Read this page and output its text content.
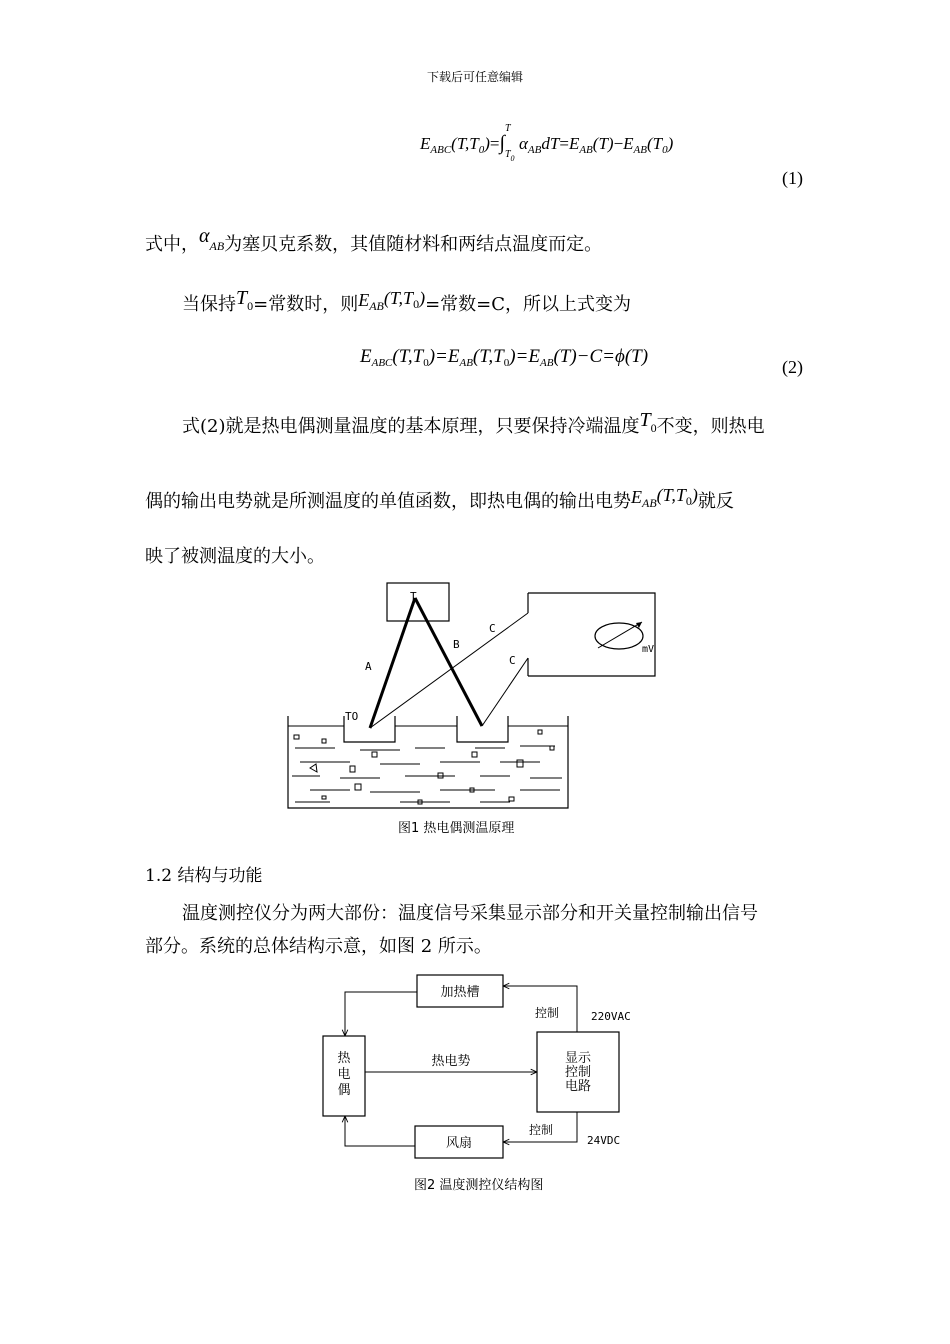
下载后可任意编辑
$E_{ABC}(T,T_0)=\int$
T
$T_0$
$\alpha_{AB}dT=E_{AB}(T)-E_{AB}(T_0)$
(1)
式中，αAB为塞贝克系数，其值随材料和两结点温度而定。
当保持T0=常数时，则EAB(T,T0)=常数=C，所以上式变为
$E_{ABC}(T,T_0)=E_{AB}(T,T_0)=E_{AB}(T)-C=\phi(T)$	(2)
式(2)就是热电偶测量温度的基本原理，只要保持冷端温度T0不变，则热电
偶的输出电势就是所测温度的单值函数，即热电偶的输出电势EAB(T,T0)就反
映了被测温度的大小。
T
A
B
C
C
TO
mV
图1 热电偶测温原理
1.2 结构与功能
温度测控仪分为两大部份：温度信号采集显示部分和开关量控制输出信号
部分。系统的总体结构示意，如图 2 所示。
加热槽
热
电
偶
热电势	显示
控制
电路
控制	220VAC
风扇
控制
24VDC
图2 温度测控仪结构图
